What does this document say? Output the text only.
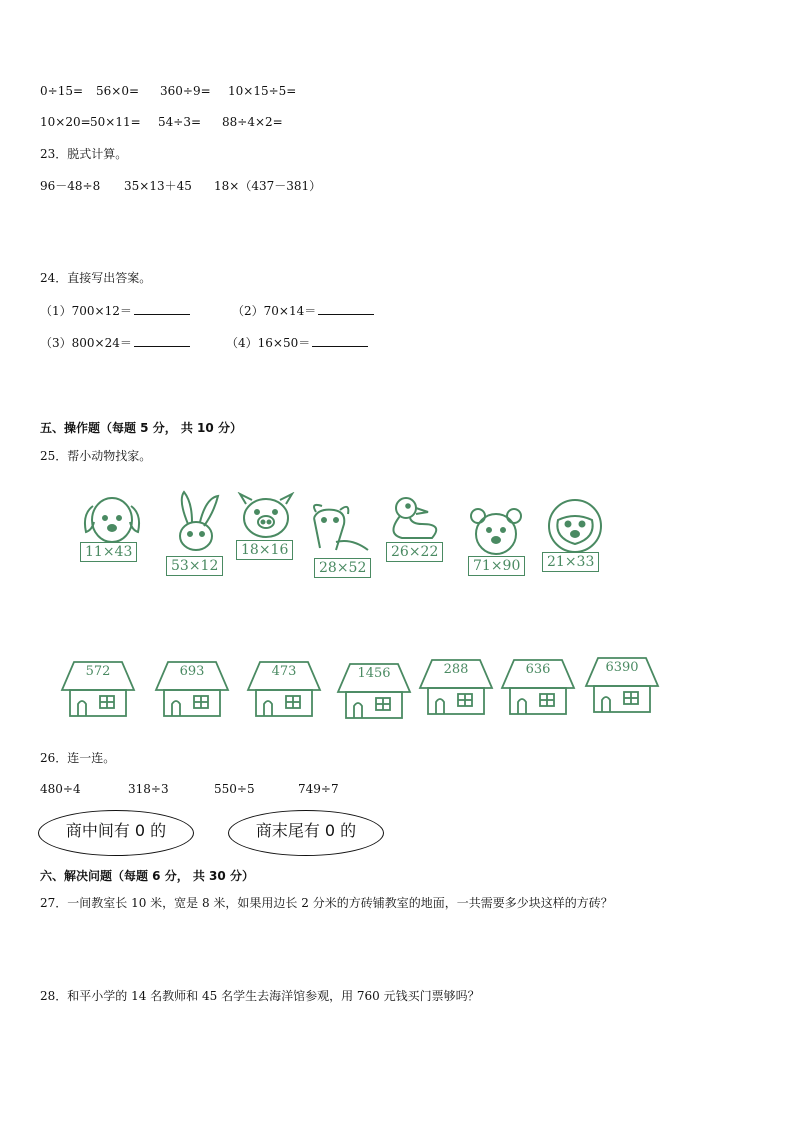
0÷15= 56×0= 360÷9= 10×15÷5=
10×20= 50×11= 54÷3= 88÷4×2=
23．脱式计算。
96－48÷8 35×13＋45 18×（437－381）
24．直接写出答案。
（1）700×12＝	（2）70×14＝
（3）800×24＝	（4）16×50＝
五、操作题（每题 5 分， 共 10 分）
25．帮小动物找家。
11×43
53×12
18×16
28×52
26×22
71×90	21×33
572	693	473	1456	288	636	6390
26．连一连。
480÷4	318÷3	550÷5	749÷7
商中间有 0 的	商末尾有 0 的
六、解决问题（每题 6 分， 共 30 分）
27．一间教室长 10 米，宽是 8 米，如果用边长 2 分米的方砖铺教室的地面，一共需要多少块这样的方砖？
28．和平小学的 14 名教师和 45 名学生去海洋馆参观，用 760 元钱买门票够吗？
